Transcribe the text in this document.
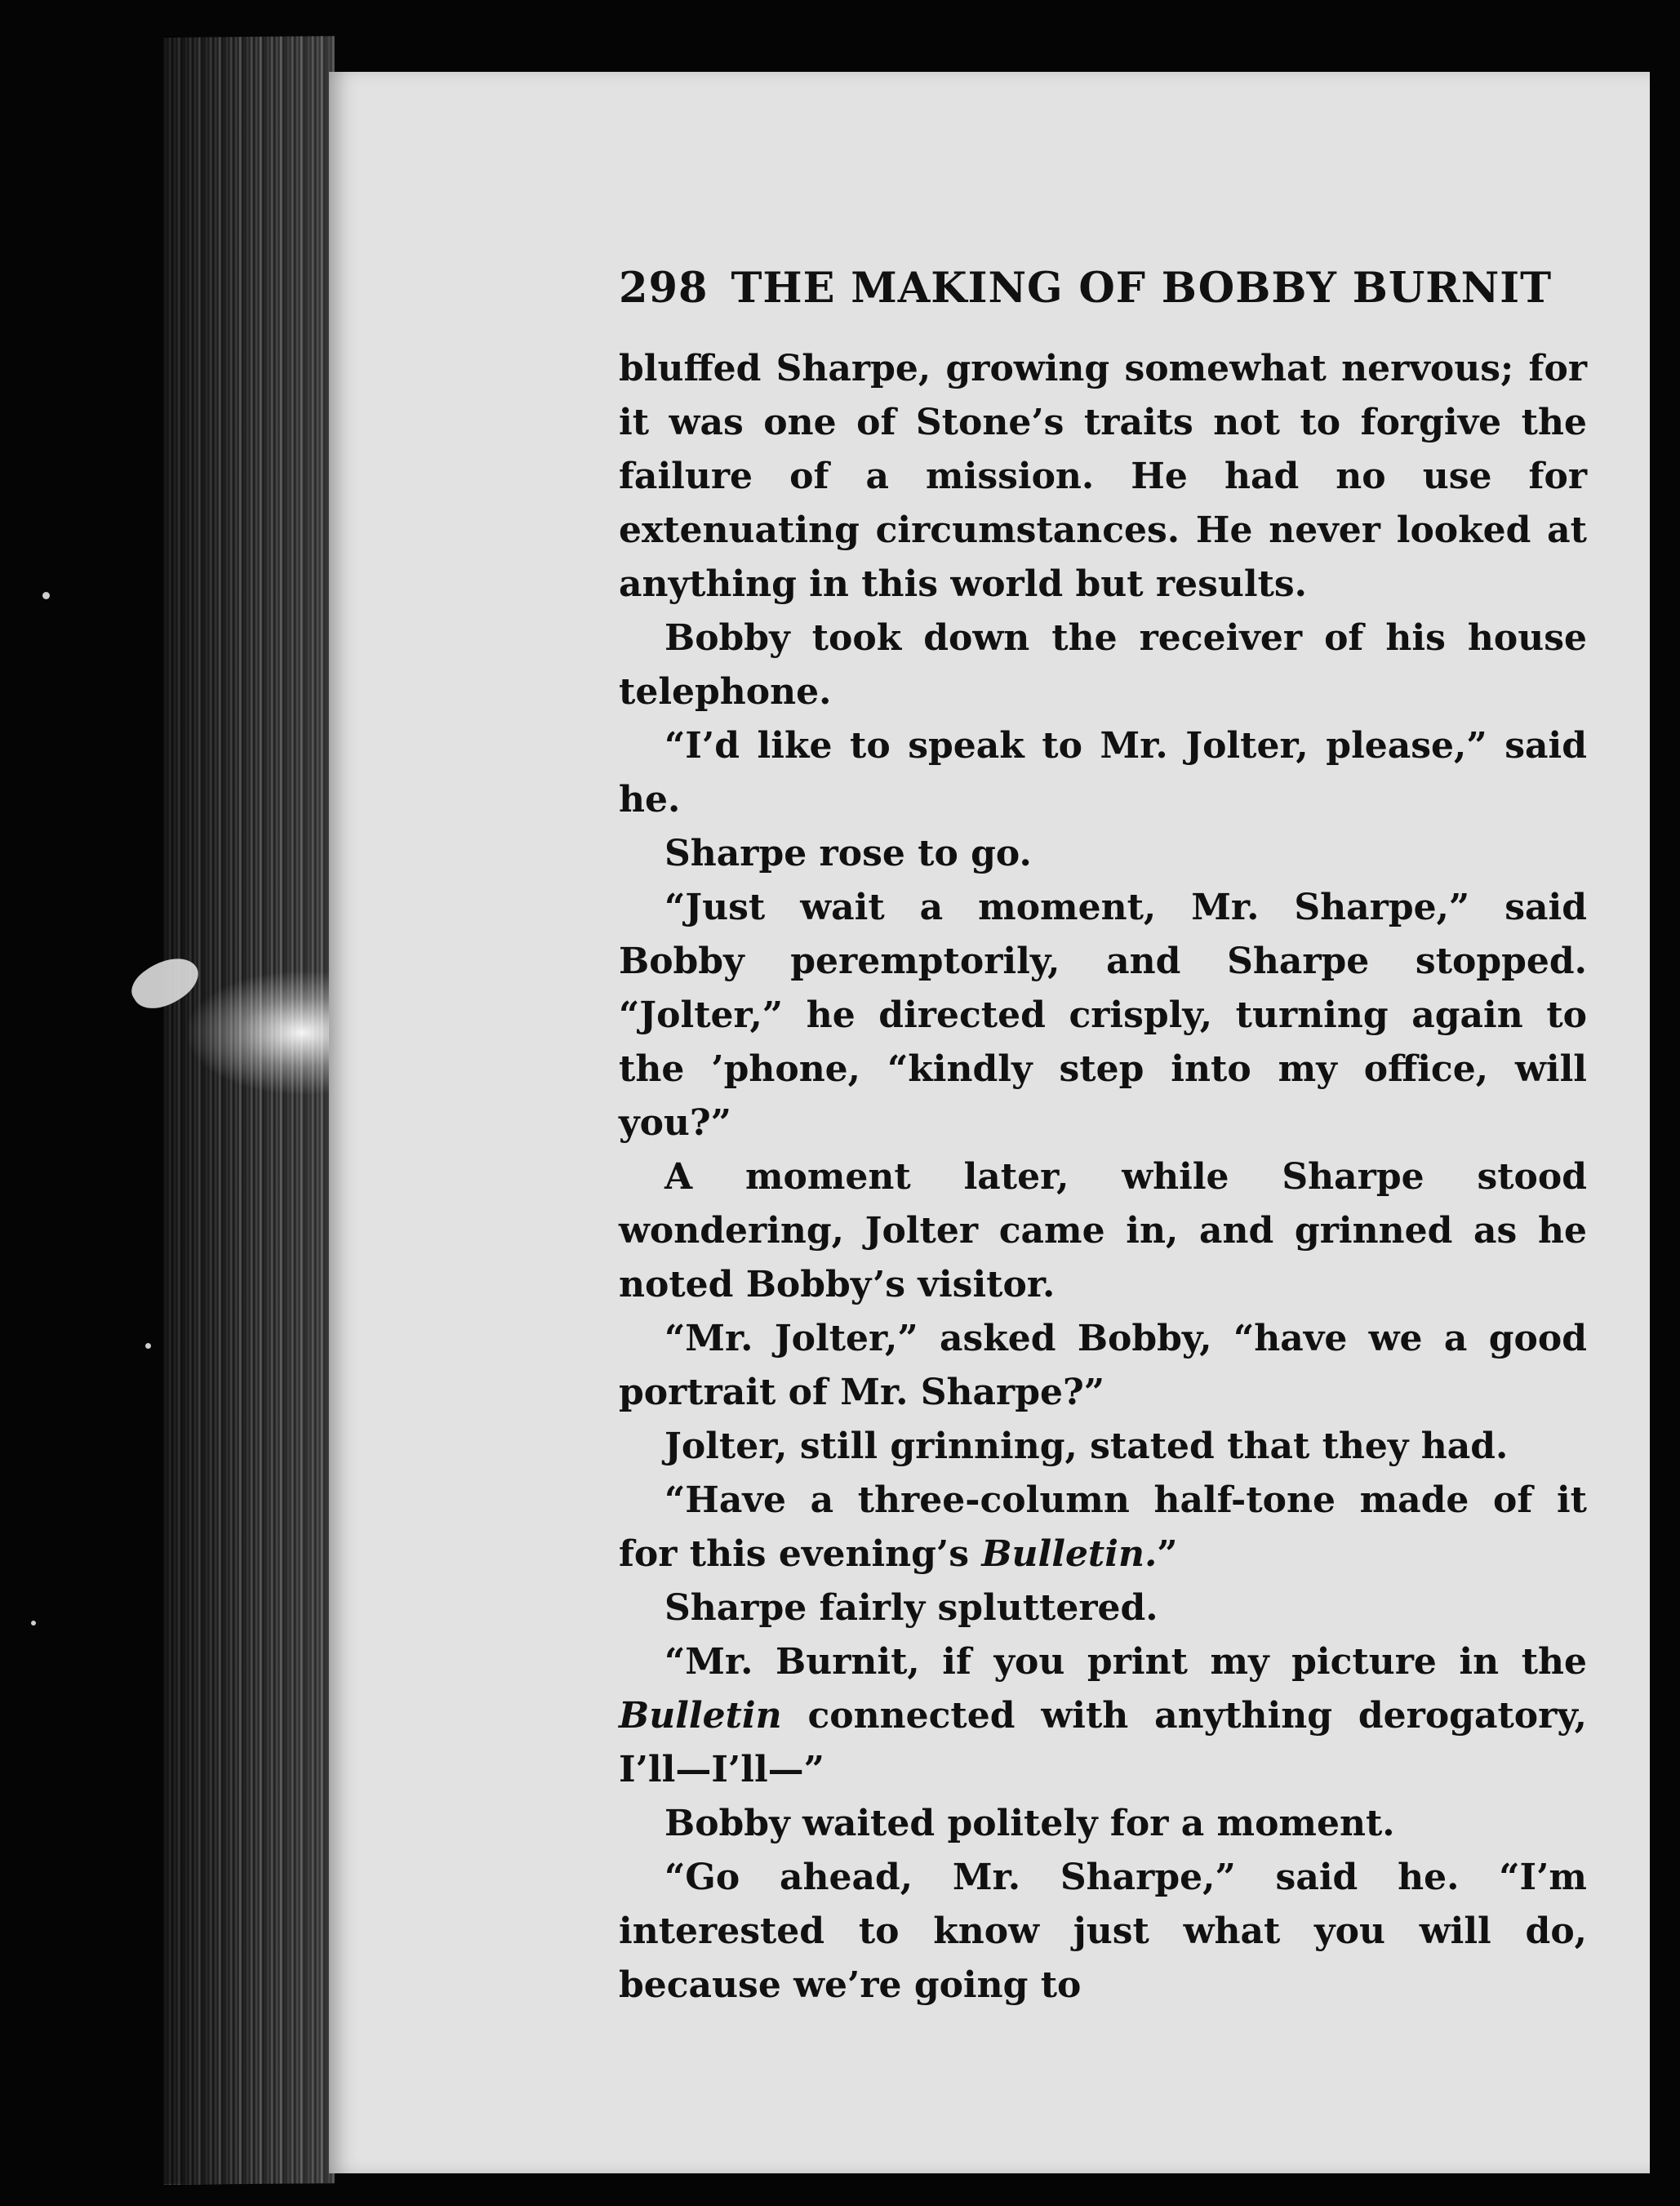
298 THE MAKING OF BOBBY BURNIT

bluffed Sharpe, growing somewhat nervous; for it was one of Stone’s traits not to forgive the failure of a mission. He had no use for extenuating circumstances. He never looked at anything in this world but results.

Bobby took down the receiver of his house telephone.

“I’d like to speak to Mr. Jolter, please,” said he.

Sharpe rose to go.

“Just wait a moment, Mr. Sharpe,” said Bobby peremptorily, and Sharpe stopped. “Jolter,” he directed crisply, turning again to the ’phone, “kindly step into my office, will you?”

A moment later, while Sharpe stood wondering, Jolter came in, and grinned as he noted Bobby’s visitor.

“Mr. Jolter,” asked Bobby, “have we a good portrait of Mr. Sharpe?”

Jolter, still grinning, stated that they had.

“Have a three-column half-tone made of it for this evening’s Bulletin.”

Sharpe fairly spluttered.

“Mr. Burnit, if you print my picture in the Bulletin connected with anything derogatory, I’ll—I’ll—”

Bobby waited politely for a moment.

“Go ahead, Mr. Sharpe,” said he. “I’m interested to know just what you will do, because we’re going to
